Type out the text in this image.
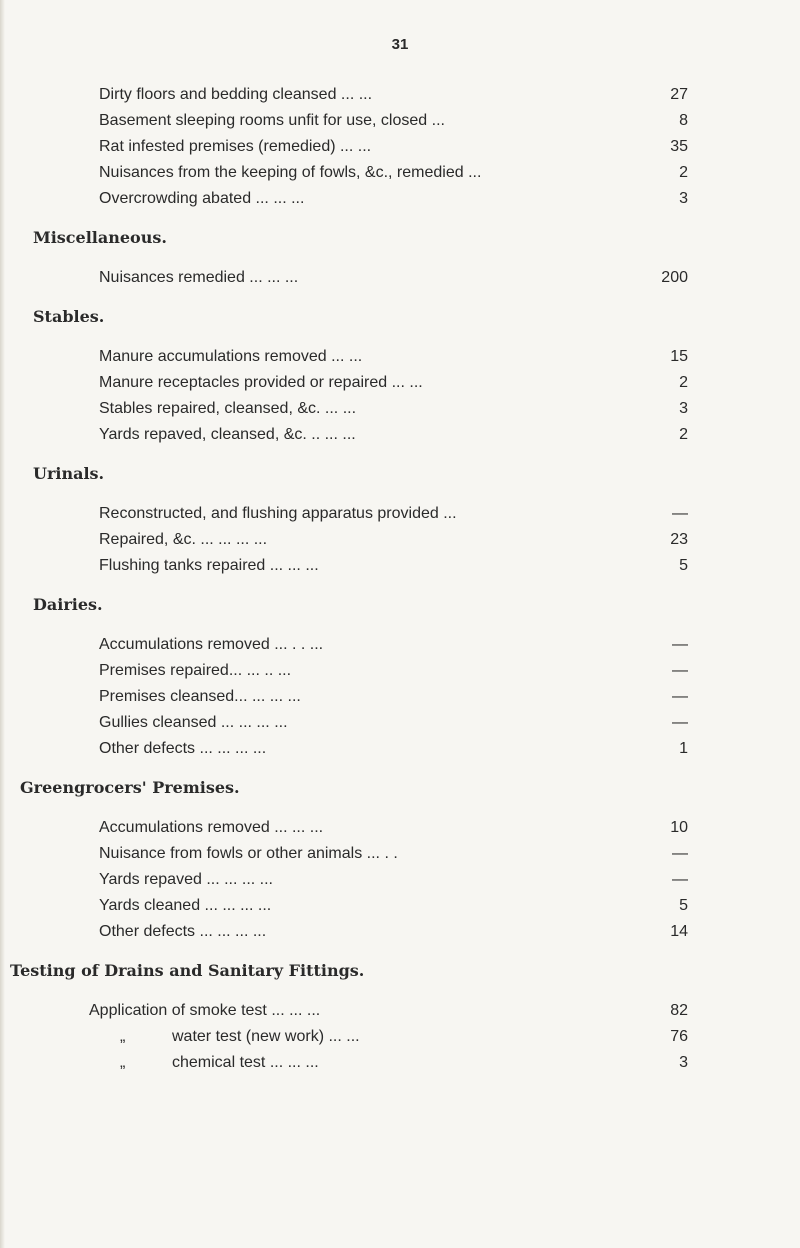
31
Dirty floors and bedding cleansed ... ...	27
Basement sleeping rooms unfit for use, closed ...	8
Rat infested premises (remedied) ... ...	35
Nuisances from the keeping of fowls, &c., remedied ...	2
Overcrowding abated ... ... ...	3
Miscellaneous.
Nuisances remedied ... ... ...	200
Stables.
Manure accumulations removed ... ...	15
Manure receptacles provided or repaired ... ...	2
Stables repaired, cleansed, &c. ... ...	3
Yards repaved, cleansed, &c. .. ... ...	2
Urinals.
Reconstructed, and flushing apparatus provided ...	—
Repaired, &c. ... ... ... ...	23
Flushing tanks repaired ... ... ...	5
Dairies.
Accumulations removed ... . . ...	—
Premises repaired... ... .. ...	—
Premises cleansed... ... ... ...	—
Gullies cleansed ... ... ... ...	—
Other defects ... ... ... ...	1
Greengrocers' Premises.
Accumulations removed ... ... ...	10
Nuisance from fowls or other animals ... . .	—
Yards repaved ... ... ... ...	—
Yards cleaned ... ... ... ...	5
Other defects ... ... ... ...	14
Testing of Drains and Sanitary Fittings.
Application of smoke test ... ... ...	82
„	water test (new work) ... ...	76
„	chemical test ... ... ...	3
